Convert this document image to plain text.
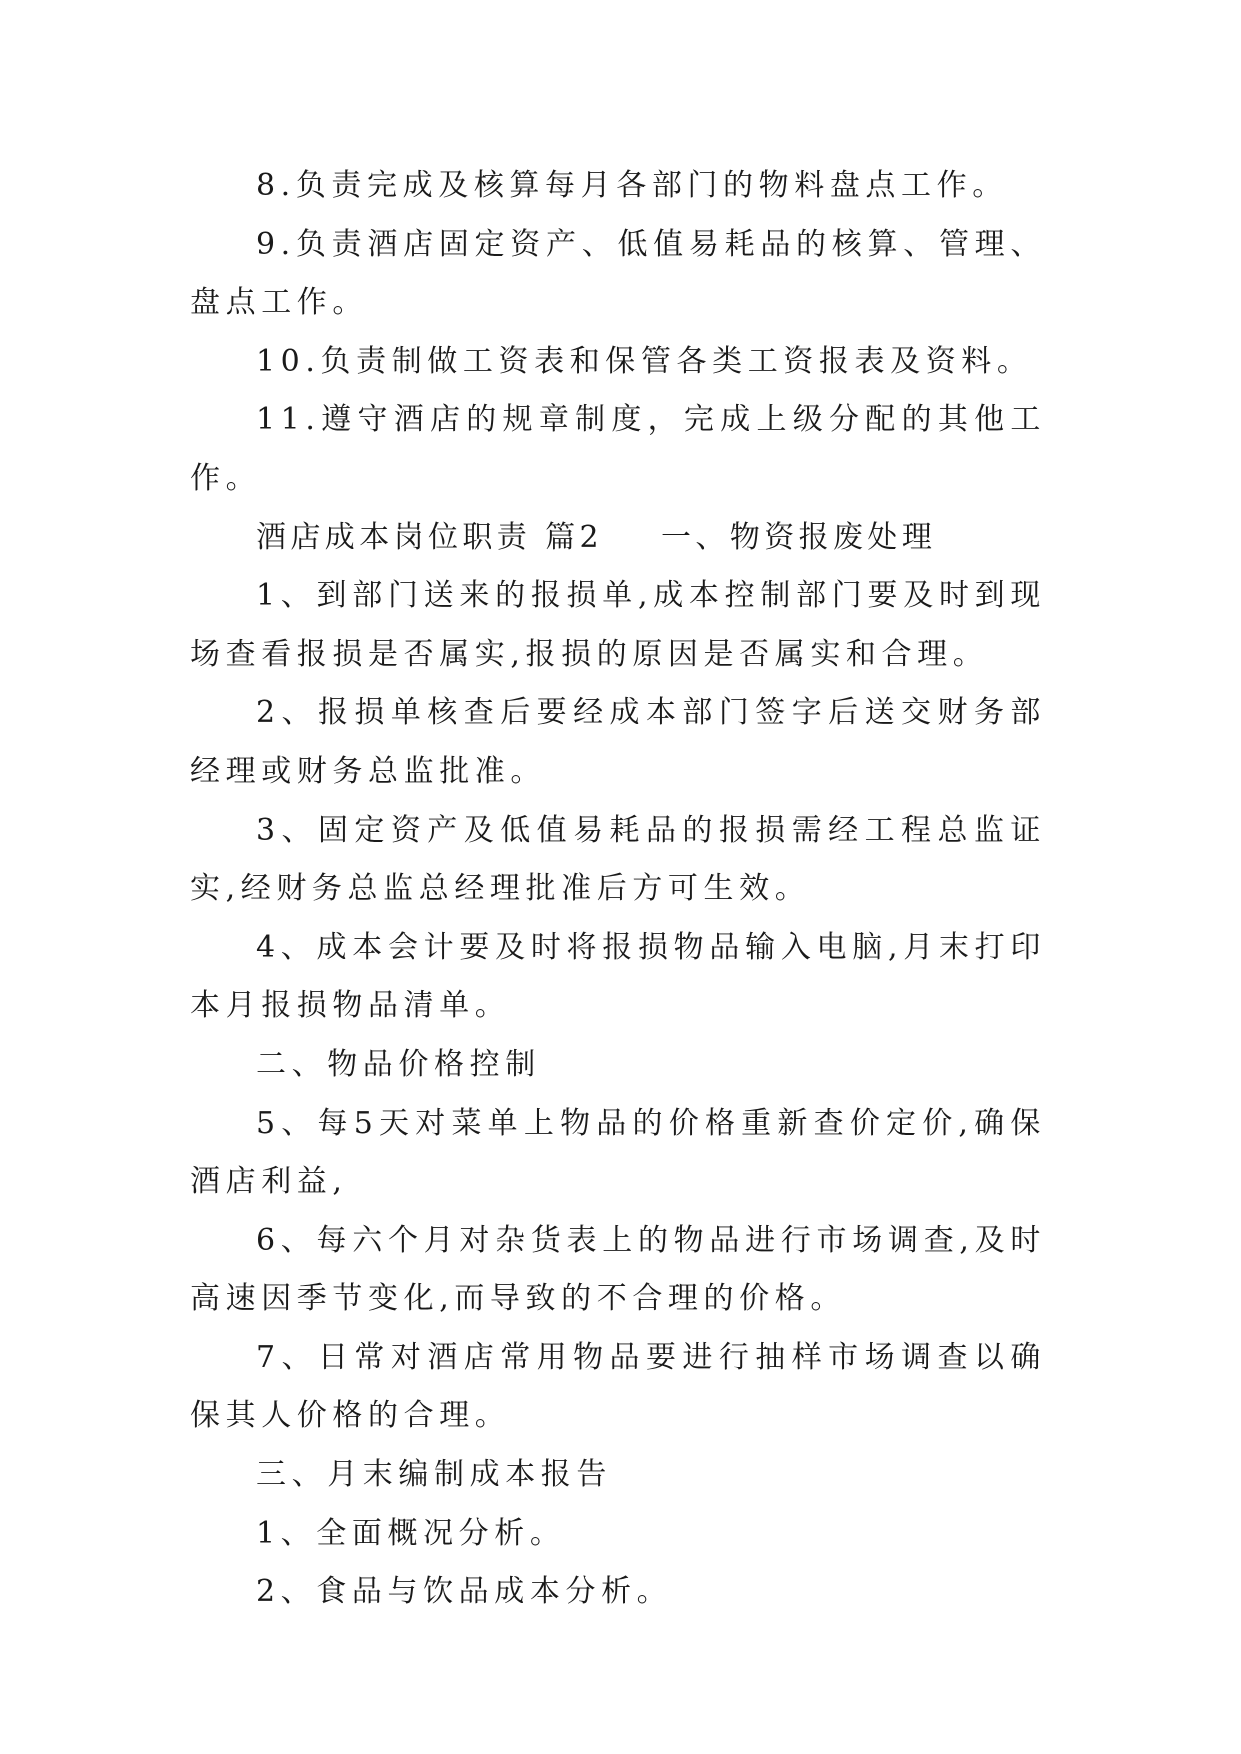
8.负责完成及核算每月各部门的物料盘点工作。

9.负责酒店固定资产、低值易耗品的核算、管理、盘点工作。

10.负责制做工资表和保管各类工资报表及资料。

11.遵守酒店的规章制度，完成上级分配的其他工作。

酒店成本岗位职责 篇2 一、物资报废处理

1、到部门送来的报损单,成本控制部门要及时到现场查看报损是否属实,报损的原因是否属实和合理。

2、报损单核查后要经成本部门签字后送交财务部经理或财务总监批准。

3、固定资产及低值易耗品的报损需经工程总监证实,经财务总监总经理批准后方可生效。

4、成本会计要及时将报损物品输入电脑,月末打印本月报损物品清单。

二、物品价格控制

5、每5天对菜单上物品的价格重新查价定价,确保酒店利益,

6、每六个月对杂货表上的物品进行市场调查,及时高速因季节变化,而导致的不合理的价格。

7、日常对酒店常用物品要进行抽样市场调查以确保其人价格的合理。

三、月末编制成本报告

1、全面概况分析。

2、食品与饮品成本分析。
